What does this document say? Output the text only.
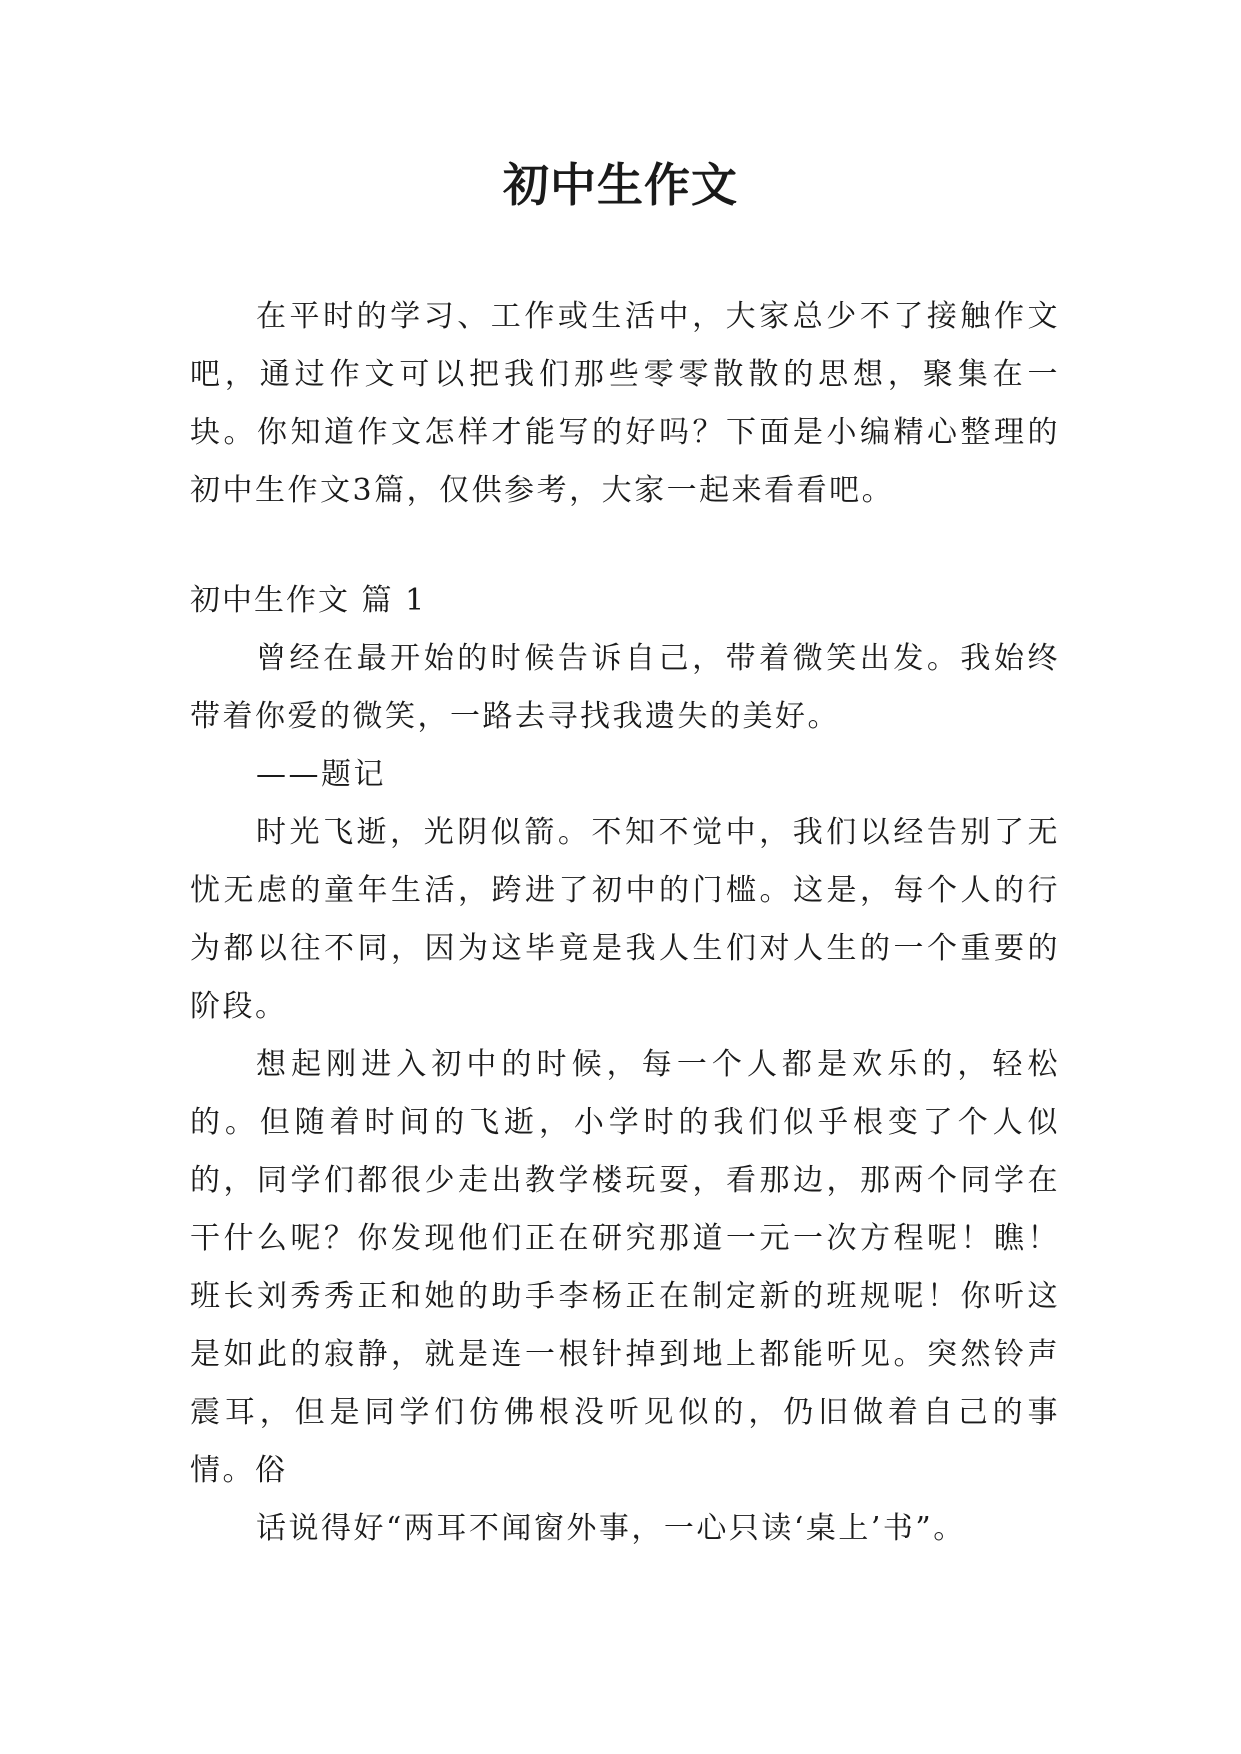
初中生作文

在平时的学习、工作或生活中，大家总少不了接触作文吧，通过作文可以把我们那些零零散散的思想，聚集在一块。你知道作文怎样才能写的好吗？下面是小编精心整理的初中生作文3篇，仅供参考，大家一起来看看吧。

初中生作文 篇 1

曾经在最开始的时候告诉自己，带着微笑出发。我始终带着你爱的微笑，一路去寻找我遗失的美好。

——题记

时光飞逝，光阴似箭。不知不觉中，我们以经告别了无忧无虑的童年生活，跨进了初中的门槛。这是，每个人的行为都以往不同，因为这毕竟是我人生们对人生的一个重要的阶段。

想起刚进入初中的时候，每一个人都是欢乐的，轻松的。但随着时间的飞逝，小学时的我们似乎根变了个人似的，同学们都很少走出教学楼玩耍，看那边，那两个同学在干什么呢？你发现他们正在研究那道一元一次方程呢！瞧！班长刘秀秀正和她的助手李杨正在制定新的班规呢！你听这是如此的寂静，就是连一根针掉到地上都能听见。突然铃声震耳，但是同学们仿佛根没听见似的，仍旧做着自己的事情。俗

话说得好“两耳不闻窗外事，一心只读‘桌上’书”。
